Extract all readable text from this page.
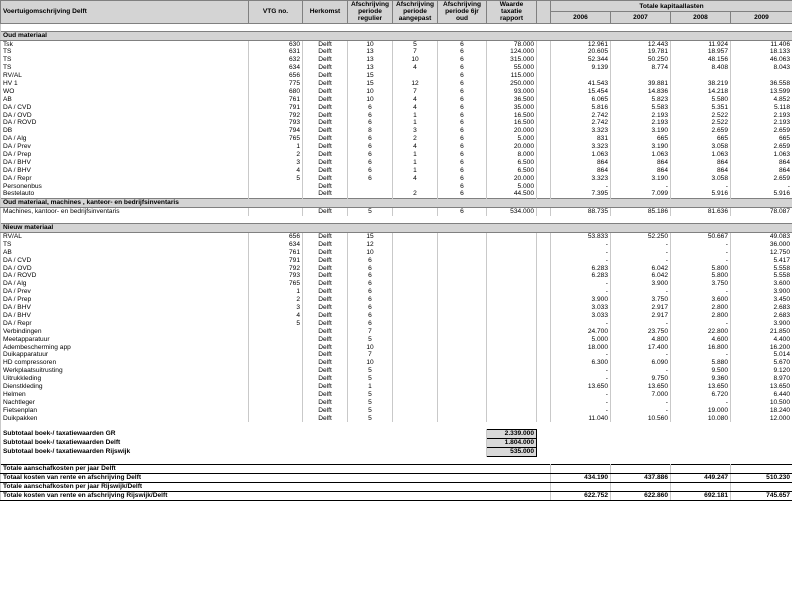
Voertuigomschrijving Delft	VTG no.	Herkomst	Afschrijving periode regulier	Afschrijving periode aangepast	Afschrijving periode 6jr oud	Waarde taxatie rapport		Totale kapitaallasten			
								2006	2007	2008	2009

Oud materiaal											
Tsk	630	Delft	10	5	6	78.000		12.961	12.443	11.924	11.406
TS	631	Delft	13	7	6	124.000		20.605	19.781	18.957	18.133
TS	632	Delft	13	10	6	315.000		52.344	50.250	48.156	46.063
TS	634	Delft	13	4	6	55.000		9.139	8.774	8.408	8.043
RV/AL	656	Delft	15		6	115.000					
HV 1	775	Delft	15	12	6	250.000		41.543	39.881	38.219	36.558
WO	680	Delft	10	7	6	93.000		15.454	14.836	14.218	13.599
AB	761	Delft	10	4	6	36.500		6.065	5.823	5.580	4.852
DA / CVD	791	Delft	6	4	6	35.000		5.816	5.583	5.351	5.118
DA / OVD	792	Delft	6	1	6	16.500		2.742	2.193	2.522	2.193
DA / ROVD	793	Delft	6	1	6	16.500		2.742	2.193	2.522	2.193
DB	794	Delft	8	3	6	20.000		3.323	3.190	2.659	2.659
DA / Alg	765	Delft	6	2	6	5.000		831	665	665	665
DA / Prev	1	Delft	6	4	6	20.000		3.323	3.190	3.058	2.659
DA / Prep	2	Delft	6	1	6	8.000		1.063	1.063	1.063	1.063
DA / BHV	3	Delft	6	1	6	6.500		864	864	864	864
DA / BHV	4	Delft	6	1	6	6.500		864	864	864	864
DA / Repr	5	Delft	6	4	6	20.000		3.323	3.190	3.058	2.659
Personenbus		Delft			6	5.000		-	-	-	-
Bestelauto		Delft		2	6	44.500		7.395	7.099	5.916	5.916
Oud materiaal, machines , kanteor- en bedrijfsinventaris											
Machines, kantoor- en bedrijfsinventaris		Delft	5		6	534.000		88.735	85.186	81.636	78.087

Nieuw materiaal											
RV/AL	656	Delft	15					53.833	52.250	50.667	49.083
TS	634	Delft	12					-	-	-	36.000
AB	761	Delft	10					-	-	-	12.750
DA / CVD	791	Delft	6					-	-	-	5.417
DA / OVD	792	Delft	6					6.283	6.042	5.800	5.558
DA / ROVD	793	Delft	6					6.283	6.042	5.800	5.558
DA / Alg	765	Delft	6					-	3.900	3.750	3.600
DA / Prev	1	Delft	6					-	-	-	3.900
DA / Prep	2	Delft	6					3.900	3.750	3.600	3.450
DA / BHV	3	Delft	6					3.033	2.917	2.800	2.683
DA / BHV	4	Delft	6					3.033	2.917	2.800	2.683
DA / Repr	5	Delft	6					-	-	-	3.900
Verbindingen		Delft	7					24.700	23.750	22.800	21.850
Meetapparatuur		Delft	5					5.000	4.800	4.600	4.400
Adembescherming app		Delft	10					18.000	17.400	16.800	16.200
Duikapparatuur		Delft	7					-	-	-	5.014
HD compressoren		Delft	10					6.300	6.090	5.880	5.670
Werkplaatsuitrusting		Delft	5					-	-	9.500	9.120
Uitrukkleding		Delft	5					-	9.750	9.360	8.970
Dienstkleding		Delft	1					13.650	13.650	13.650	13.650
Helmen		Delft	5					-	7.000	6.720	6.440
Nachtleger		Delft	5					-	-	-	10.500
Fietsenplan		Delft	5					-	-	19.000	18.240
Duikpakken		Delft	5					11.040	10.560	10.080	12.000

Subtotaal boek-/ taxatiewaarden GR						2.339.000					
Subtotaal boek-/ taxatiewaarden Delft						1.804.000					
Subtotaal boek-/ taxatiewaarden Rijswijk						535.000					

Totale aanschafkosten per jaar Delft											
Totaal kosten van rente en afschrijving Delft								434.190	437.886	449.247	510.230
Totale aanschafkosten per jaar Rijswijk/Delft											
Totale kosten van rente en afschrijving Rijswijk/Delft								622.752	622.860	692.181	745.657
